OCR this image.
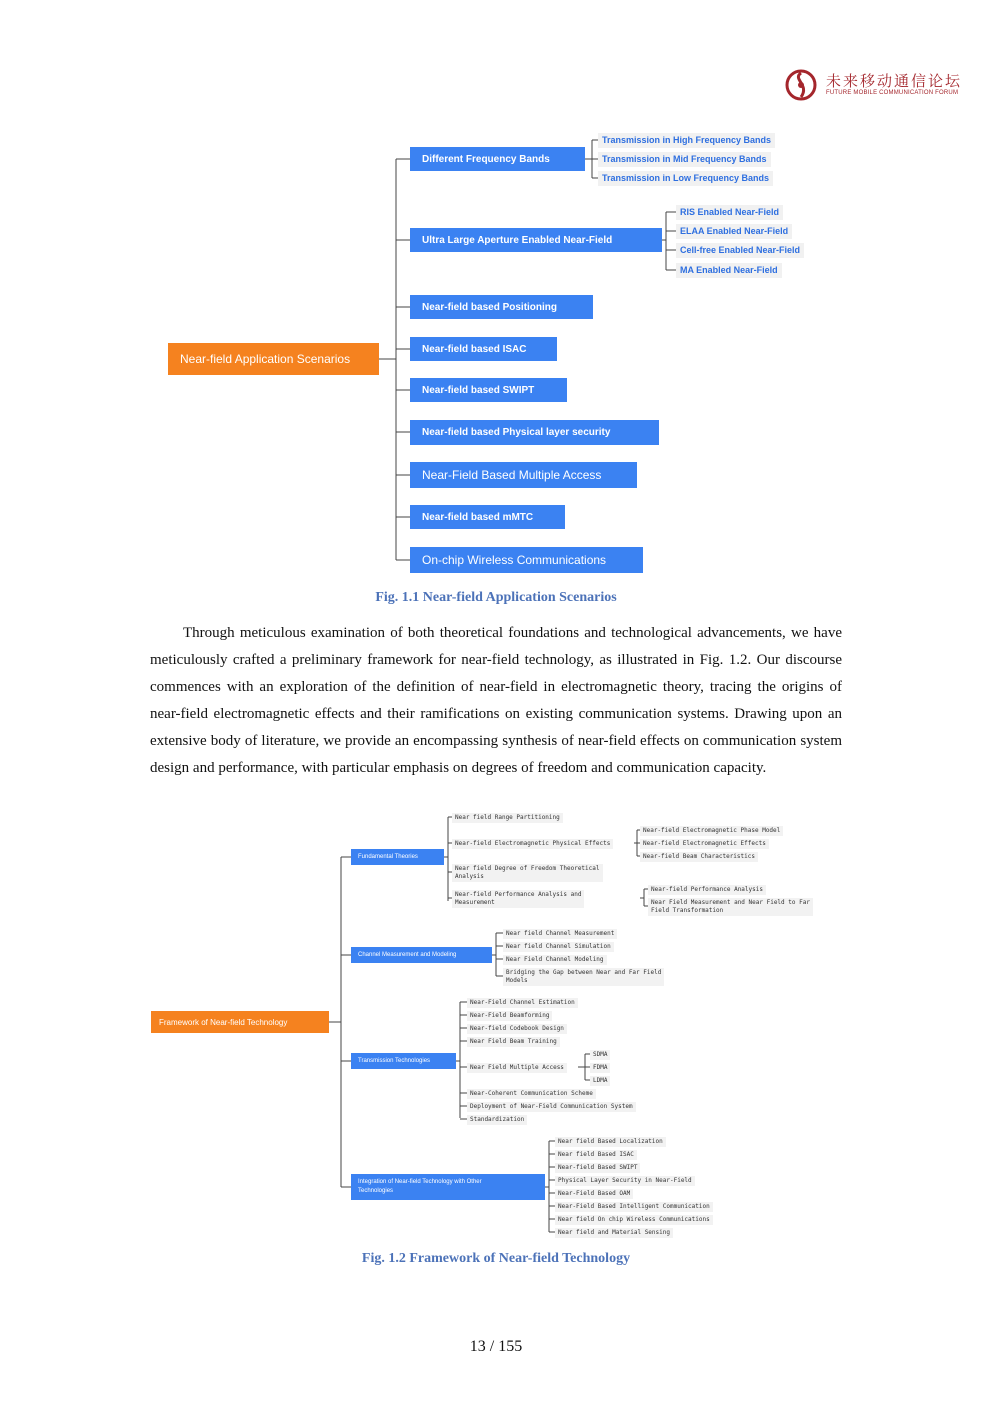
未来移动通信论坛
FUTURE MOBILE COMMUNICATION FORUM
Near-field Application Scenarios
Different Frequency Bands
Transmission in High Frequency Bands
Transmission in Mid Frequency Bands
Transmission in Low Frequency Bands
Ultra Large Aperture Enabled Near-Field
RIS Enabled Near-Field
ELAA Enabled Near-Field
Cell-free Enabled Near-Field
MA Enabled Near-Field
Near-field based Positioning
Near-field based ISAC
Near-field based SWIPT
Near-field based Physical layer security
Near-Field Based Multiple Access
Near-field based mMTC
On-chip Wireless Communications
Fig. 1.1 Near-field Application Scenarios
Through meticulous examination of both theoretical foundations and technological advancements, we have meticulously crafted a preliminary framework for near-field technology, as illustrated in Fig. 1.2. Our discourse commences with an exploration of the definition of near-field in electromagnetic theory, tracing the origins of near-field electromagnetic effects and their ramifications on existing communication systems. Drawing upon an extensive body of literature, we provide an encompassing synthesis of near-field effects on communication system design and performance, with particular emphasis on degrees of freedom and communication capacity.
Framework of Near-field Technology
Fundamental Theories
Near field Range Partitioning
Near-field Electromagnetic Physical Effects
Near field Degree of Freedom Theoretical
Analysis
Near-field Performance Analysis and
Measurement
Near-field Electromagnetic Phase Model
Near-field Electromagnetic Effects
Near-field Beam Characteristics
Near-field Performance Analysis
Near Field Measurement and Near Field to Far
Field Transformation
Channel Measurement and Modeling
Near field Channel Measurement
Near field Channel Simulation
Near Field Channel Modeling
Bridging the Gap between Near and Far Field
Models
Transmission Technologies
Near-Field Channel Estimation
Near-Field Beamforming
Near-field Codebook Design
Near Field Beam Training
Near Field Multiple Access
Near-Coherent Communication Scheme
Deployment of Near-Field Communication System
Standardization
SDMA
FDMA
LDMA
Integration of Near-field Technology with Other
Technologies
Near field Based Localization
Near field Based ISAC
Near-field Based SWIPT
Physical Layer Security in Near-Field
Near-Field Based OAM
Near-Field Based Intelligent Communication
Near field On chip Wireless Communications
Near field and Material Sensing
Fig. 1.2 Framework of Near-field Technology
13 / 155
